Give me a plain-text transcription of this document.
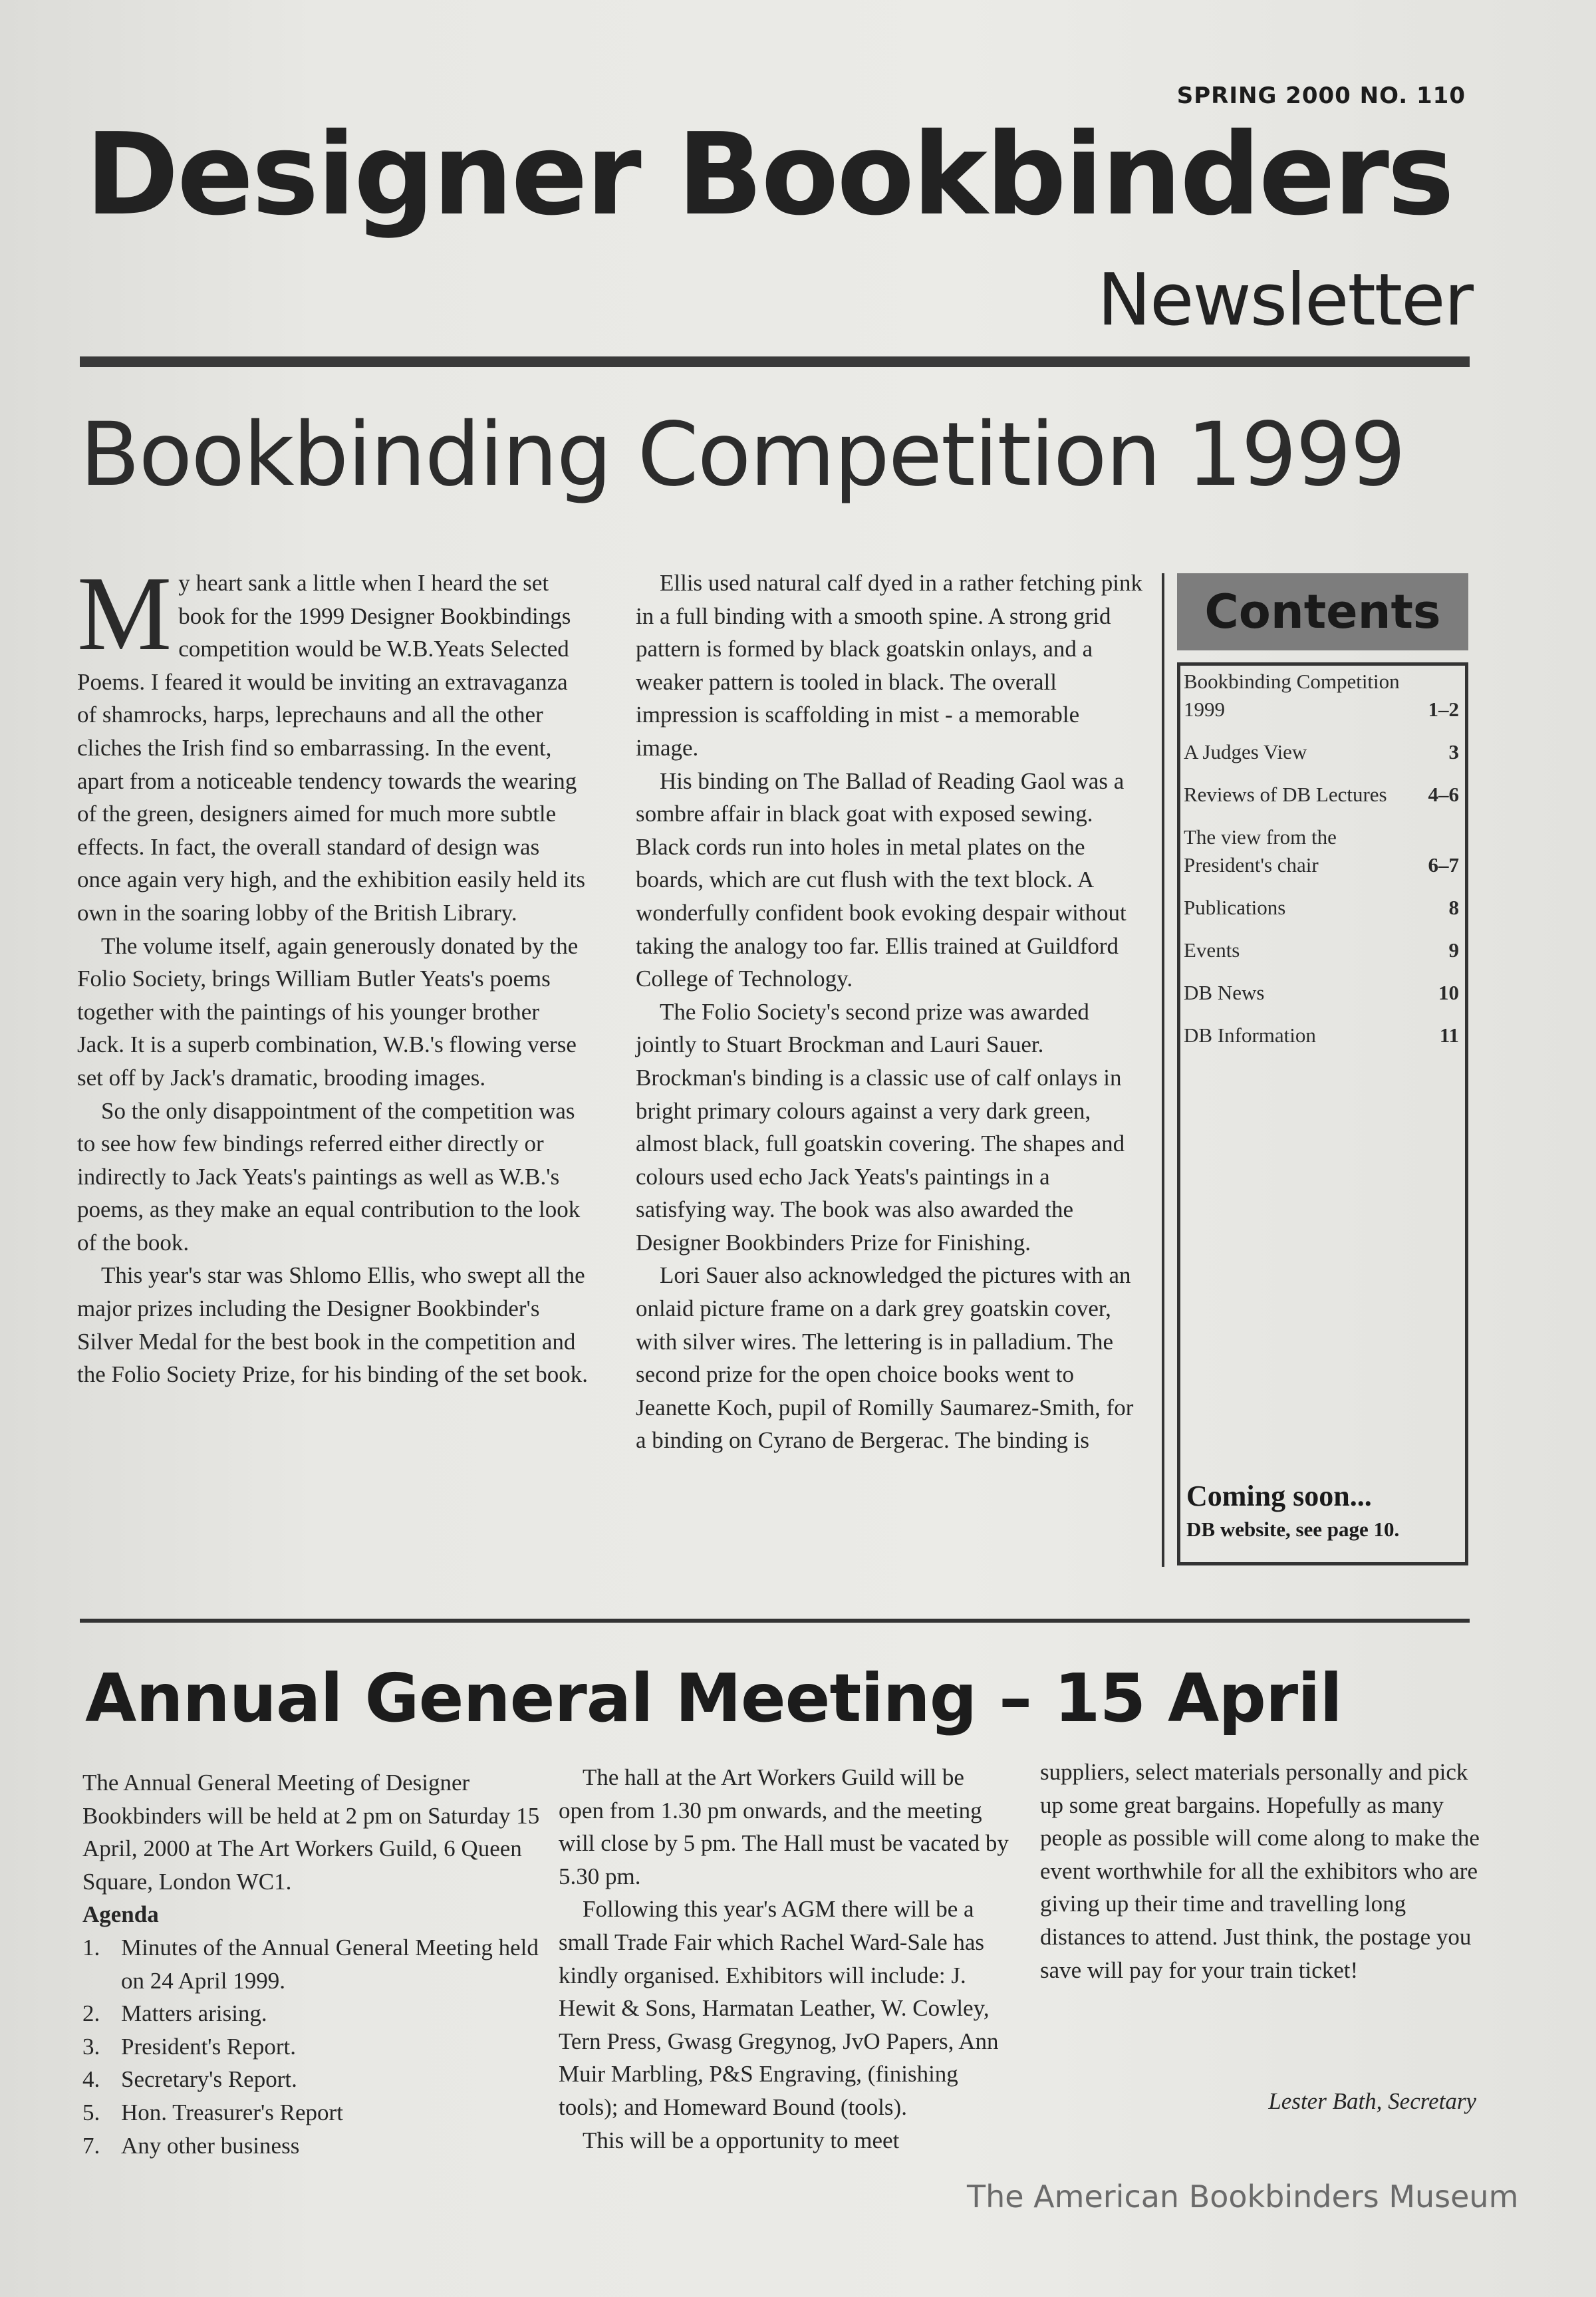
SPRING 2000 NO. 110
Designer Bookbinders
Newsletter
Bookbinding Competition 1999

My heart sank a little when I heard the set book for the 1999 Designer Bookbindings competition would be W.B.Yeats Selected Poems. I feared it would be inviting an extravaganza of shamrocks, harps, leprechauns and all the other cliches the Irish find so embarrassing. In the event, apart from a noticeable tendency towards the wearing of the green, designers aimed for much more subtle effects. In fact, the overall standard of design was once again very high, and the exhibition easily held its own in the soaring lobby of the British Library.

The volume itself, again generously donated by the Folio Society, brings William Butler Yeats's poems together with the paintings of his younger brother Jack. It is a superb combination, W.B.'s flowing verse set off by Jack's dramatic, brooding images.

So the only disappointment of the competition was to see how few bindings referred either directly or indirectly to Jack Yeats's paintings as well as W.B.'s poems, as they make an equal contribution to the look of the book.

This year's star was Shlomo Ellis, who swept all the major prizes including the Designer Bookbinder's Silver Medal for the best book in the competition and the Folio Society Prize, for his binding of the set book.

Ellis used natural calf dyed in a rather fetching pink in a full binding with a smooth spine. A strong grid pattern is formed by black goatskin onlays, and a weaker pattern is tooled in black. The overall impression is scaffolding in mist - a memorable image.

His binding on The Ballad of Reading Gaol was a sombre affair in black goat with exposed sewing. Black cords run into holes in metal plates on the boards, which are cut flush with the text block. A wonderfully confident book evoking despair without taking the analogy too far. Ellis trained at Guildford College of Technology.

The Folio Society's second prize was awarded jointly to Stuart Brockman and Lauri Sauer. Brockman's binding is a classic use of calf onlays in bright primary colours against a very dark green, almost black, full goatskin covering. The shapes and colours used echo Jack Yeats's paintings in a satisfying way. The book was also awarded the Designer Bookbinders Prize for Finishing.

Lori Sauer also acknowledged the pictures with an onlaid picture frame on a dark grey goatskin cover, with silver wires. The lettering is in palladium. The second prize for the open choice books went to Jeanette Koch, pupil of Romilly Saumarez-Smith, for a binding on Cyrano de Bergerac. The binding is

Contents
Bookbinding Competition 1999	1–2
A Judges View	3
Reviews of DB Lectures 4–6
The view from the President's chair	6–7
Publications	8
Events	9
DB News	10
DB Information	11
Coming soon...
DB website, see page 10.
Annual General Meeting – 15 April
The Annual General Meeting of Designer Bookbinders will be held at 2 pm on Saturday 15 April, 2000 at The Art Workers Guild, 6 Queen Square, London WC1.
Agenda
1. Minutes of the Annual General Meeting held on 24 April 1999.
2. Matters arising.
3. President's Report.
4. Secretary's Report.
5. Hon. Treasurer's Report
7. Any other business

The hall at the Art Workers Guild will be open from 1.30 pm onwards, and the meeting will close by 5 pm. The Hall must be vacated by 5.30 pm.

Following this year's AGM there will be a small Trade Fair which Rachel Ward-Sale has kindly organised. Exhibitors will include: J. Hewit & Sons, Harmatan Leather, W. Cowley, Tern Press, Gwasg Gregynog, JvO Papers, Ann Muir Marbling, P&S Engraving, (finishing tools); and Homeward Bound (tools).

This will be a opportunity to meet

suppliers, select materials personally and pick up some great bargains. Hopefully as many people as possible will come along to make the event worthwhile for all the exhibitors who are giving up their time and travelling long distances to attend. Just think, the postage you save will pay for your train ticket!
Lester Bath, Secretary
The American Bookbinders Museum
